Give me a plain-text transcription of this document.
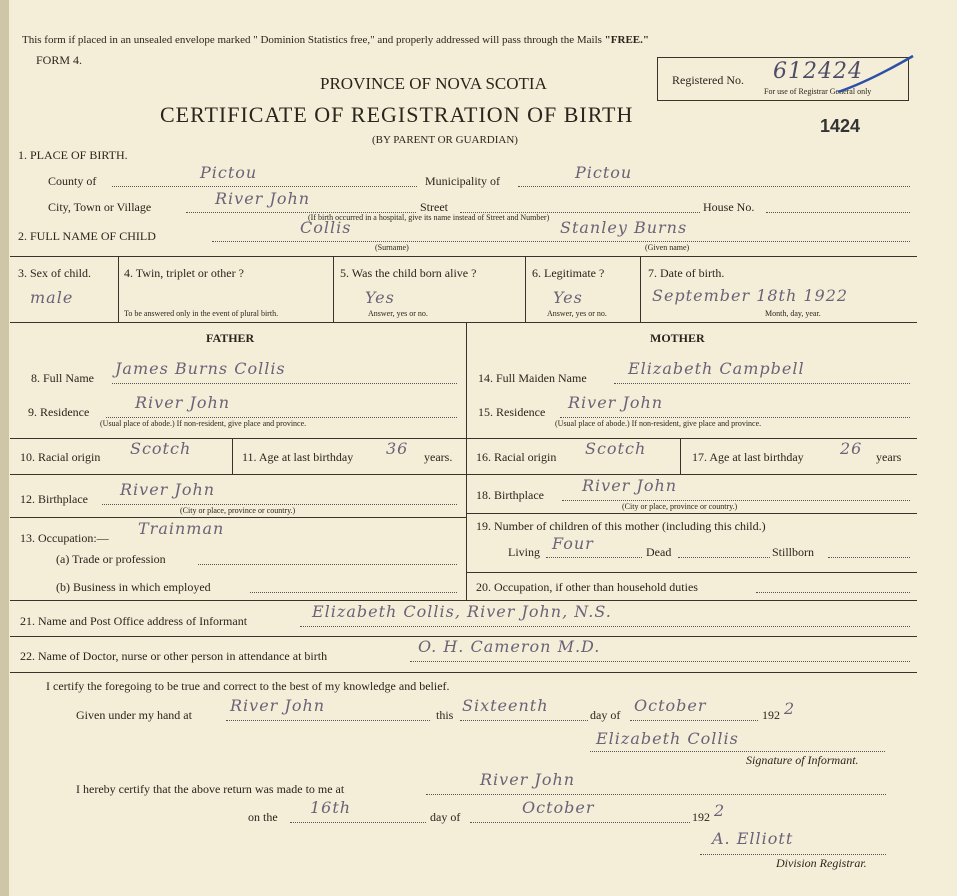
This form if placed in an unsealed envelope marked " Dominion Statistics free," and properly addressed will pass through the Mails "FREE."
FORM 4.
PROVINCE OF NOVA SCOTIA
CERTIFICATE OF REGISTRATION OF BIRTH
(BY PARENT OR GUARDIAN)
Registered No. 612424
For use of Registrar General only
1424
1. PLACE OF BIRTH.
County of	Pictou	Municipality of	Pictou
City, Town or Village	River John	Street	House No.
(If birth occurred in a hospital, give its name instead of Street and Number)
2. FULL NAME OF CHILD	Collis
(Surname)
Stanley Burns
(Given name)
3. Sex of child.
male
4. Twin, triplet or other ?
To be answered only in the event of plural birth.
5. Was the child born alive ?
Yes
Answer, yes or no.
6. Legitimate ?
Yes
Answer, yes or no.
7. Date of birth.
September 18th 1922
Month, day, year.
FATHER
8. Full Name James Burns Collis
9. Residence	River John
(Usual place of abode.) If non-resident, give place and province.
10. Racial origin Scotch	11. Age at last birthday 36 years.
12. Birthplace River John
(City or place, province or country.)
13. Occupation:— Trainman
(a) Trade or profession
(b) Business in which employed
MOTHER
14. Full Maiden Name	Elizabeth Campbell
15. Residence River John
(Usual place of abode.) If non-resident, give place and province.
16. Racial origin Scotch	17. Age at last birthday 26 years
18. Birthplace River John
(City or place, province or country.)
19. Number of children of this mother (including this child.)
Living Four	Dead	Stillborn
20. Occupation, if other than household duties
21. Name and Post Office address of Informant	Elizabeth Collis, River John, N.S.
22. Name of Doctor, nurse or other person in attendance at birth	O. H. Cameron M.D.
I certify the foregoing to be true and correct to the best of my knowledge and belief.
Given under my hand at River John	this Sixteenth	day of October	192 2
Elizabeth Collis
Signature of Informant.
I hereby certify that the above return was made to me at	River John
on the 16th	day of	October	192 2
A. Elliott
Division Registrar.
